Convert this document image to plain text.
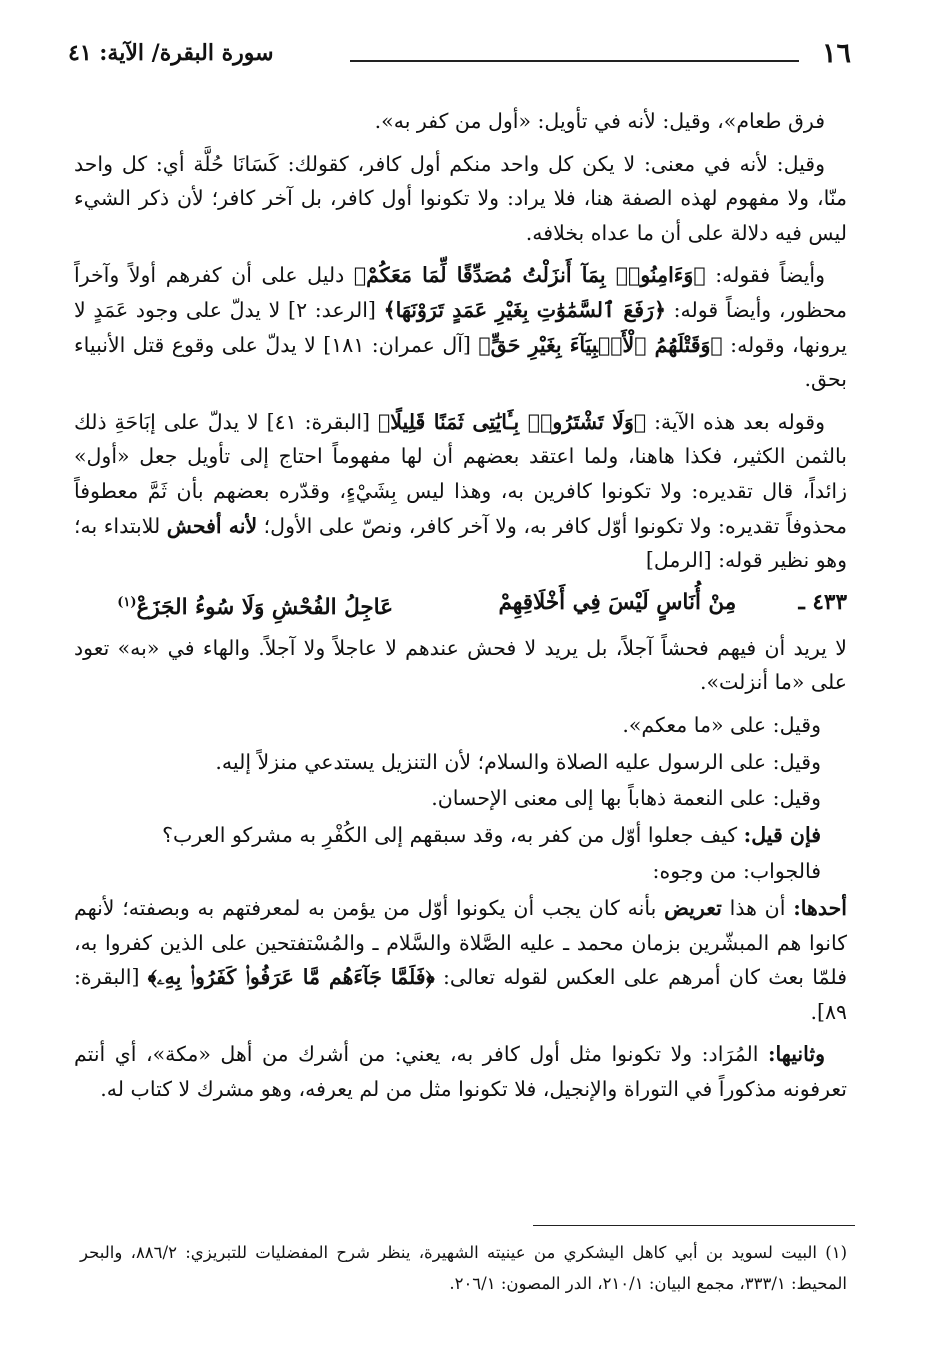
١٦
سورة البقرة/ الآية: ٤١

فرق طعام»، وقيل: لأنه في تأويل: «أول من كفر به».

وقيل: لأنه في معنى: لا يكن كل واحد منكم أول كافر، كقولك: كَسَانَا حُلَّة أي: كل واحد منّا، ولا مفهوم لهذه الصفة هنا، فلا يراد: ولا تكونوا أول كافر، بل آخر كافر؛ لأن ذكر الشيء ليس فيه دلالة على أن ما عداه بخلافه.

وأيضاً فقوله: ﴿وَءَامِنُوا۟ بِمَآ أَنزَلْتُ مُصَدِّقًا لِّمَا مَعَكُمْ﴾ دليل على أن كفرهم أولاً وآخراً محظور، وأيضاً قوله: ﴿رَفَعَ ٱلسَّمَٰوَٰتِ بِغَيْرِ عَمَدٍ تَرَوْنَهَا﴾ [الرعد: ٢] لا يدلّ على وجود عَمَدٍ لا يرونها، وقوله: ﴿وَقَتْلَهُمُ ٱلْأَنۢبِيَآءَ بِغَيْرِ حَقٍّ﴾ [آل عمران: ١٨١] لا يدلّ على وقوع قتل الأنبياء بحق.

وقوله بعد هذه الآية: ﴿وَلَا تَشْتَرُوا۟ بِـَٔايَٰتِى ثَمَنًا قَلِيلًا﴾ [البقرة: ٤١] لا يدلّ على إبَاحَةِ ذلك بالثمن الكثير، فكذا هاهنا، ولما اعتقد بعضهم أن لها مفهوماً احتاج إلى تأويل جعل «أول» زائداً، قال تقديره: ولا تكونوا كافرين به، وهذا ليس بِشَيْءٍ، وقدّره بعضهم بأن ثَمَّ معطوفاً محذوفاً تقديره: ولا تكونوا أوّل كافر به، ولا آخر كافر، ونصّ على الأول؛ لأنه أفحش للابتداء به؛ وهو نظير قوله: [الرمل]

٤٣٣ ـ
مِنْ أُنَاسٍ لَيْسَ فِي أَخْلَاقِهِمْ
عَاجِلُ الفُحْشِ وَلَا سُوءُ الجَزَعْ$^{(١)}$

لا يريد أن فيهم فحشاً آجلاً، بل يريد لا فحش عندهم لا عاجلاً ولا آجلاً. والهاء في «به» تعود على «ما أنزلت».

وقيل: على «ما معكم».

وقيل: على الرسول عليه الصلاة والسلام؛ لأن التنزيل يستدعي منزلاً إليه.

وقيل: على النعمة ذهاباً بها إلى معنى الإحسان.

فإن قيل: كيف جعلوا أوّل من كفر به، وقد سبقهم إلى الكُفْرِ به مشركو العرب؟

فالجواب: من وجوه:

أحدها: أن هذا تعريض بأنه كان يجب أن يكونوا أوّل من يؤمن به لمعرفتهم به وبصفته؛ لأنهم كانوا هم المبشّرين بزمان محمد ـ عليه الصَّلاة والسَّلام ـ والمُسْتفتحين على الذين كفروا به، فلمّا بعث كان أمرهم على العكس لقوله تعالى: ﴿فَلَمَّا جَآءَهُم مَّا عَرَفُوا۟ كَفَرُوا۟ بِهِۦ﴾ [البقرة: ٨٩].

وثانيها: المُرَاد: ولا تكونوا مثل أول كافر به، يعني: من أشرك من أهل «مكة»، أي أنتم تعرفونه مذكوراً في التوراة والإنجيل، فلا تكونوا مثل من لم يعرفه، وهو مشرك لا كتاب له.

(١) البيت لسويد بن أبي كاهل اليشكري من عينيته الشهيرة، ينظر شرح المفضليات للتبريزي: ٨٨٦/٢، والبحر المحيط: ٣٣٣/١، مجمع البيان: ٢١٠/١، الدر المصون: ٢٠٦/١.
